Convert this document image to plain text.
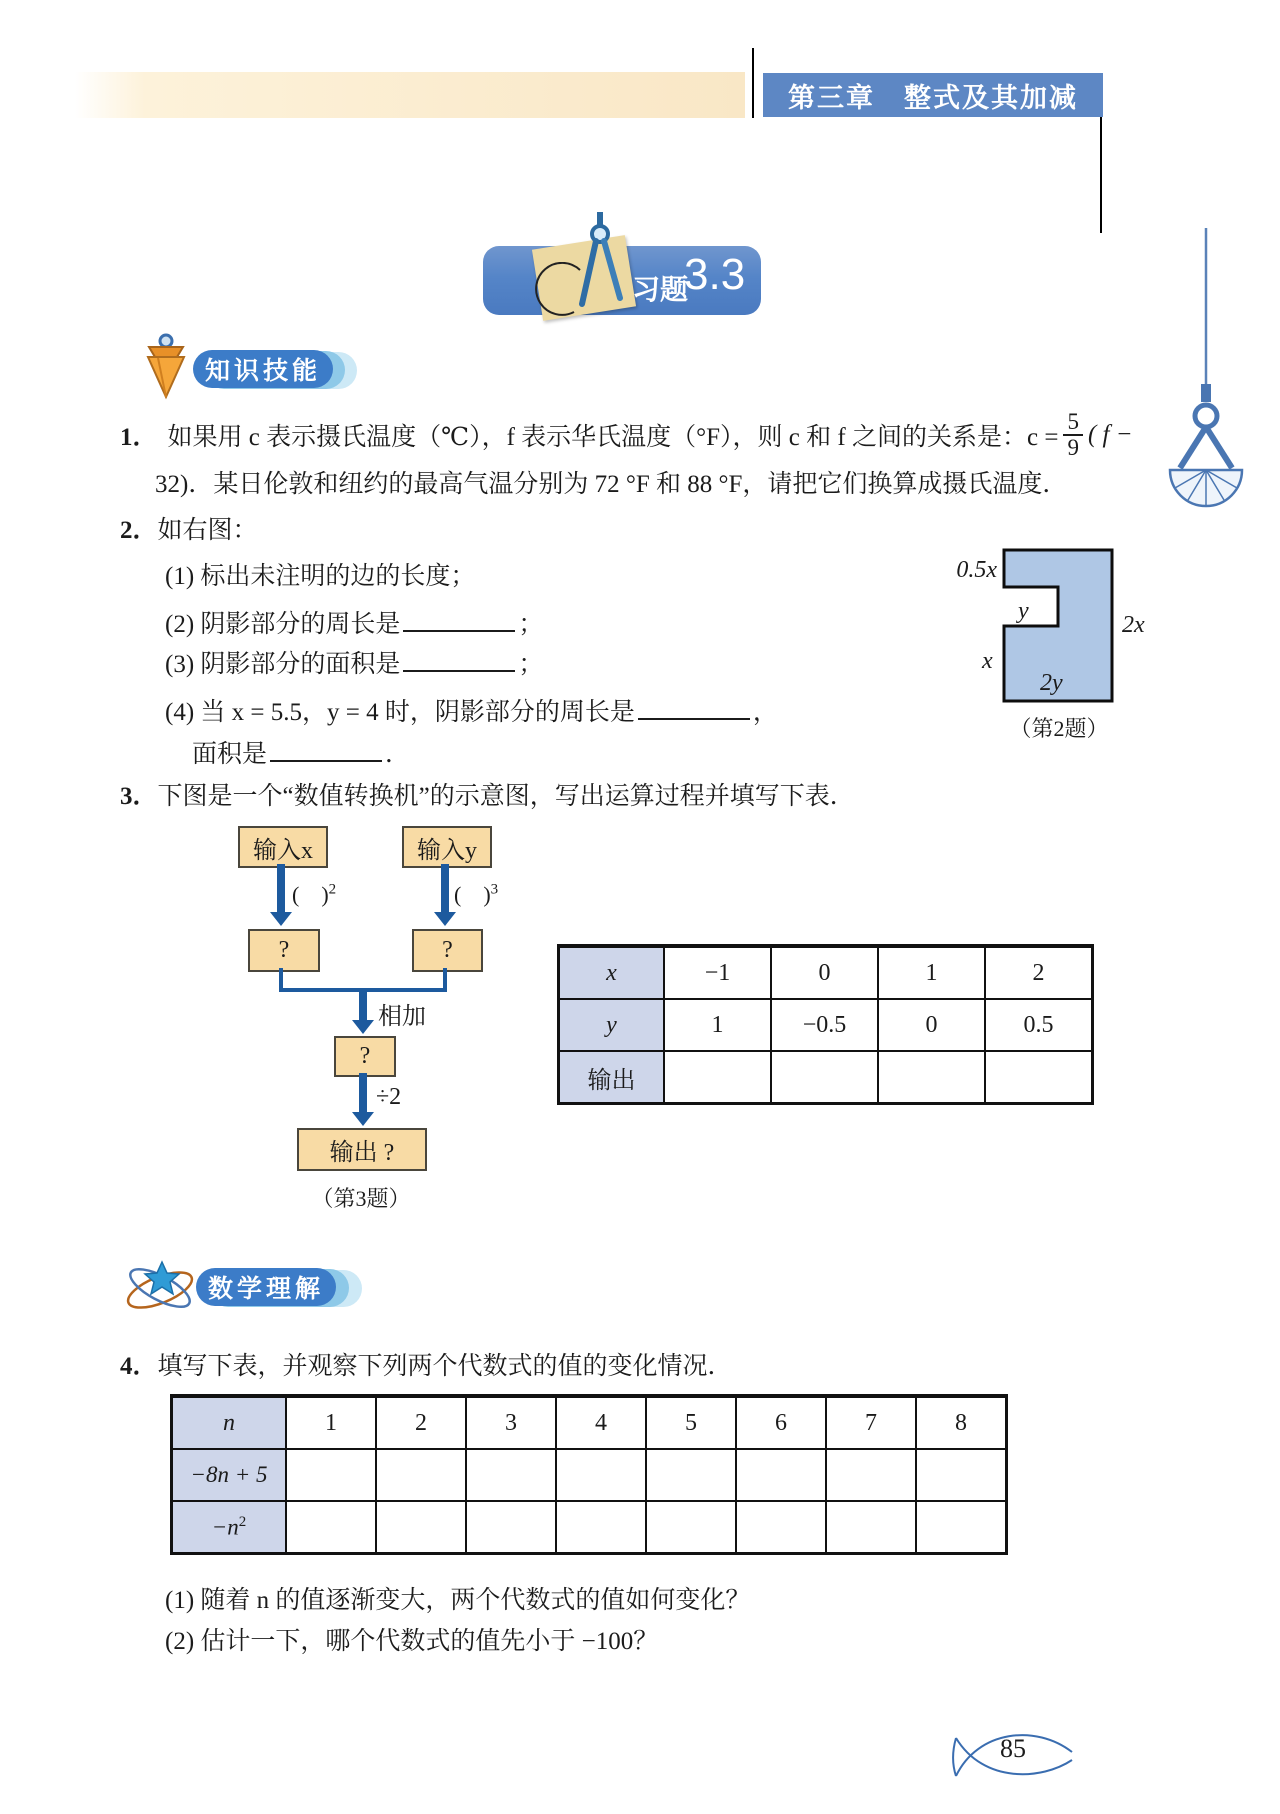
第三章　整式及其加减
习题
3.3
知识技能
1． 如果用 c 表示摄氏温度（℃），f 表示华氏温度（°F），则 c 和 f 之间的关系是：$c = \frac{5}{9}$ ( f −
32)．某日伦敦和纽约的最高气温分别为 72 °F 和 88 °F，请把它们换算成摄氏温度．
2．如右图：
(1) 标出未注明的边的长度；
(2) 阴影部分的周长是	；
(3) 阴影部分的面积是	；
(4) 当 x = 5.5，y = 4 时，阴影部分的周长是	，
面积是	．
0.5x
y
2x
x
2y
（第2题）
3．下图是一个“数值转换机”的示意图，写出运算过程并填写下表．
输入x	输入y
(　)$^2$	(　)$^3$
?	?
相加
?
÷2
输出 ?
（第3题）
x	−1	0	1	2
y	1	−0.5	0	0.5
输出				
数学理解
4．填写下表，并观察下列两个代数式的值的变化情况．
n	1	2	3	4	5	6	7	8
−8n + 5								
$-n^2$								
(1) 随着 n 的值逐渐变大，两个代数式的值如何变化？
(2) 估计一下，哪个代数式的值先小于 −100？
85
